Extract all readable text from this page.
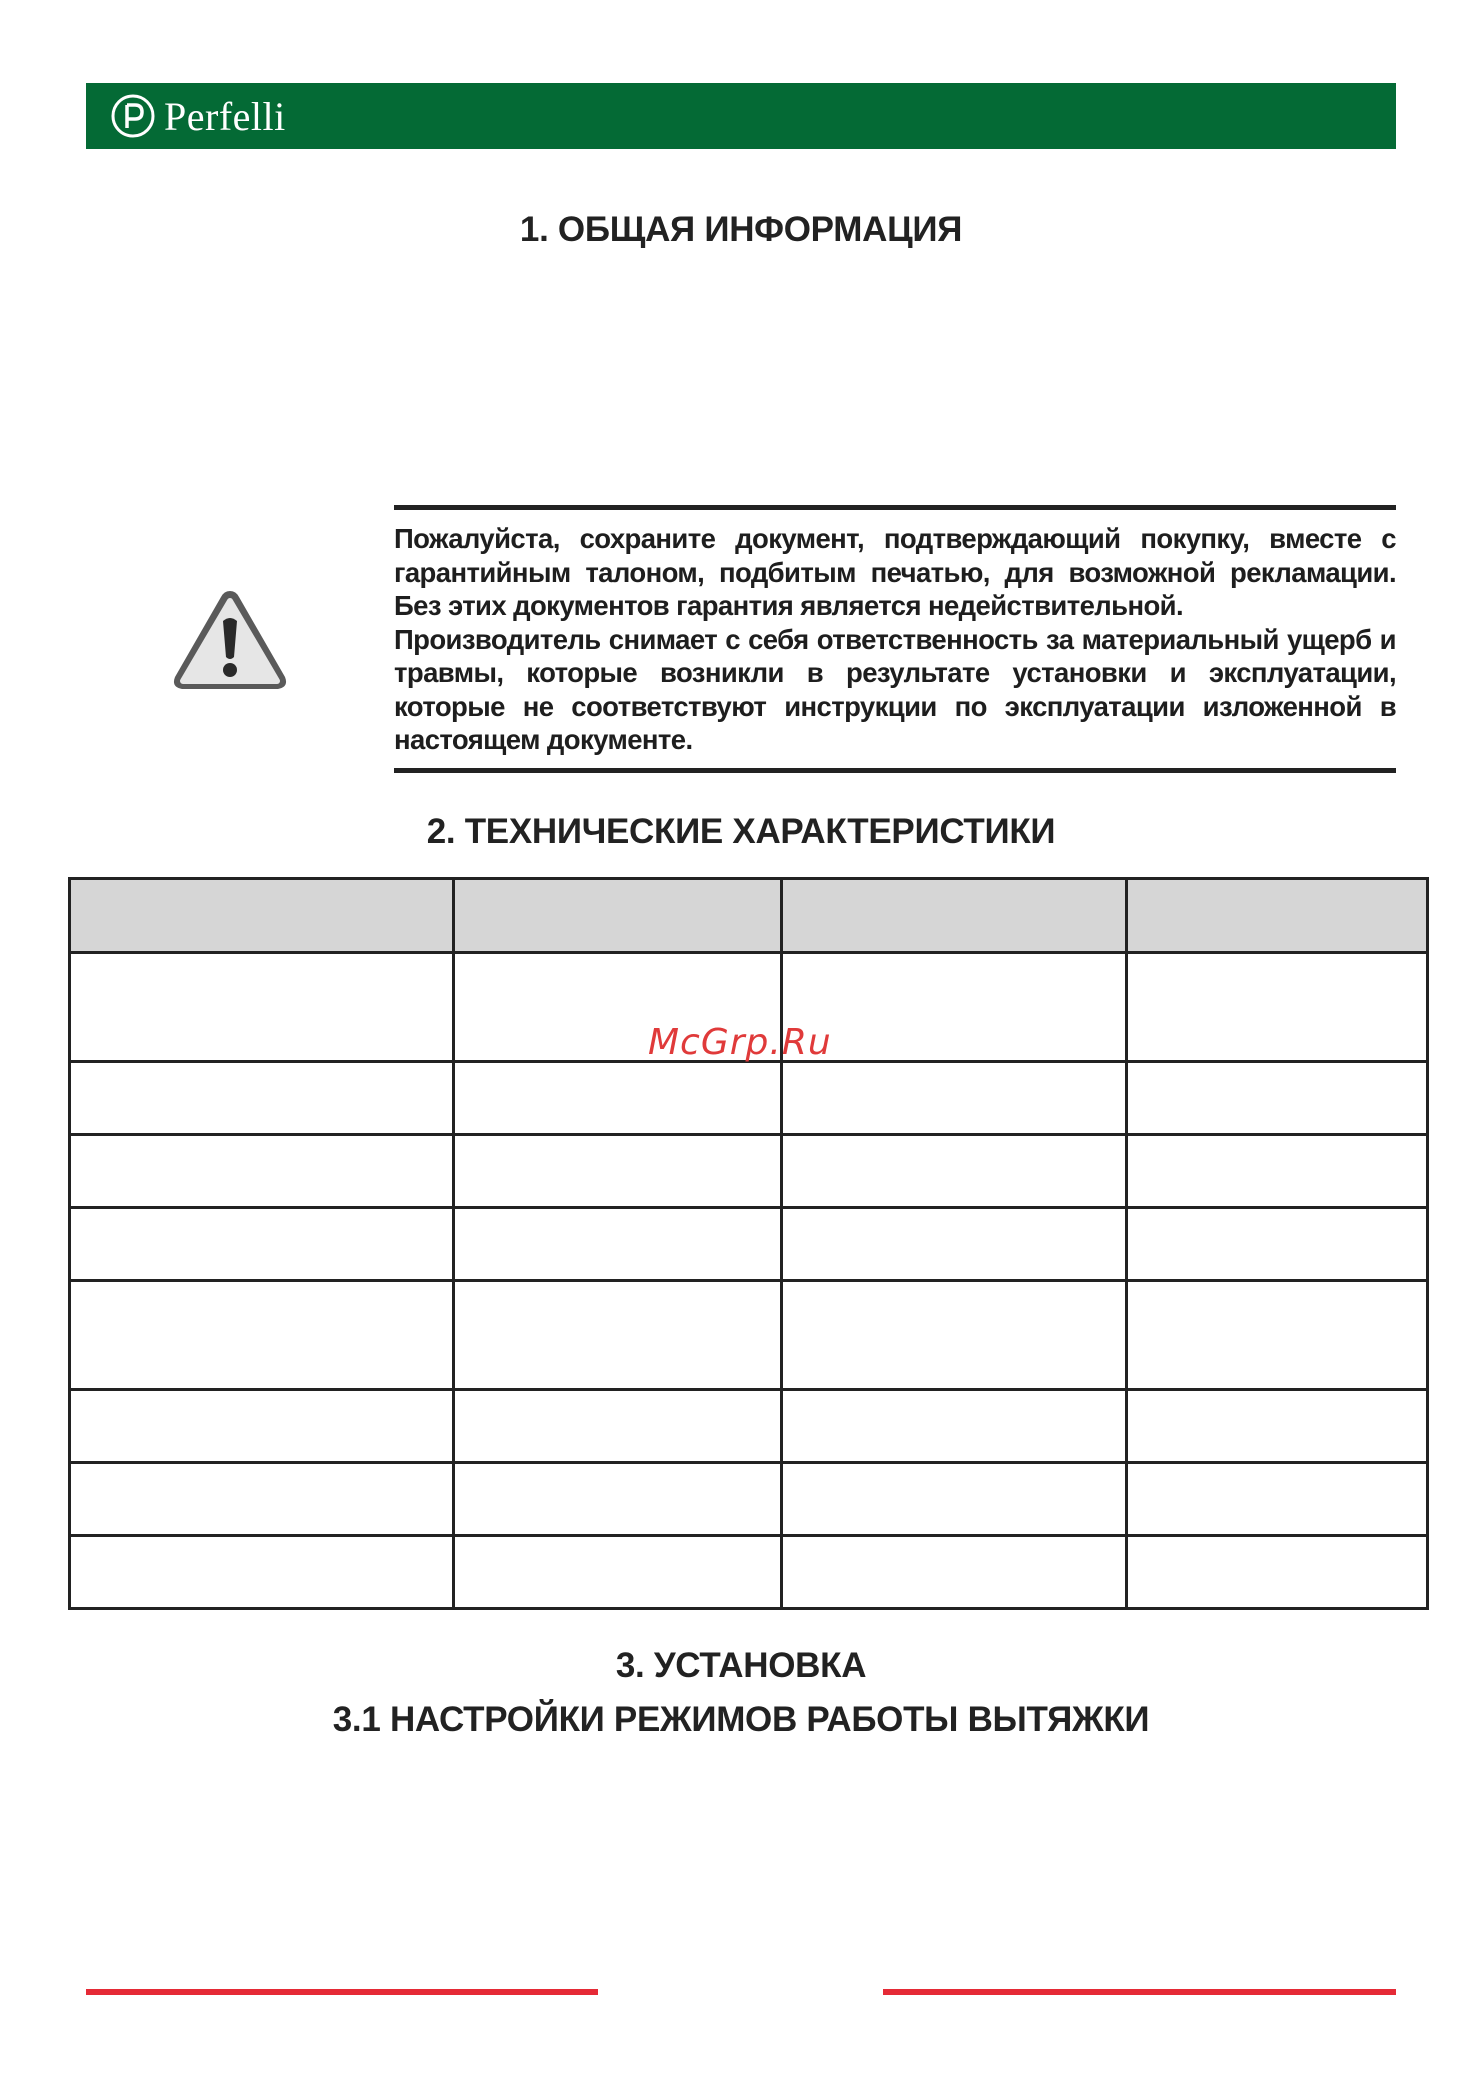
Perfelli
1. ОБЩАЯ ИНФОРМАЦИЯ

Пожалуйста, сохраните документ, подтверждающий покупку, вместе с гарантийным талоном, подбитым печатью, для возможной рекламации. Без этих документов гарантия является недействительной.

Производитель снимает с себя ответственность за материальный ущерб и травмы, которые возникли в результате установки и эксплуатации, которые не соответствуют инструкции по эксплуатации изложенной в настоящем документе.

2. ТЕХНИЧЕСКИЕ ХАРАКТЕРИСТИКИ

McGrp.Ru
3. УСТАНОВКА
3.1 НАСТРОЙКИ РЕЖИМОВ РАБОТЫ ВЫТЯЖКИ
